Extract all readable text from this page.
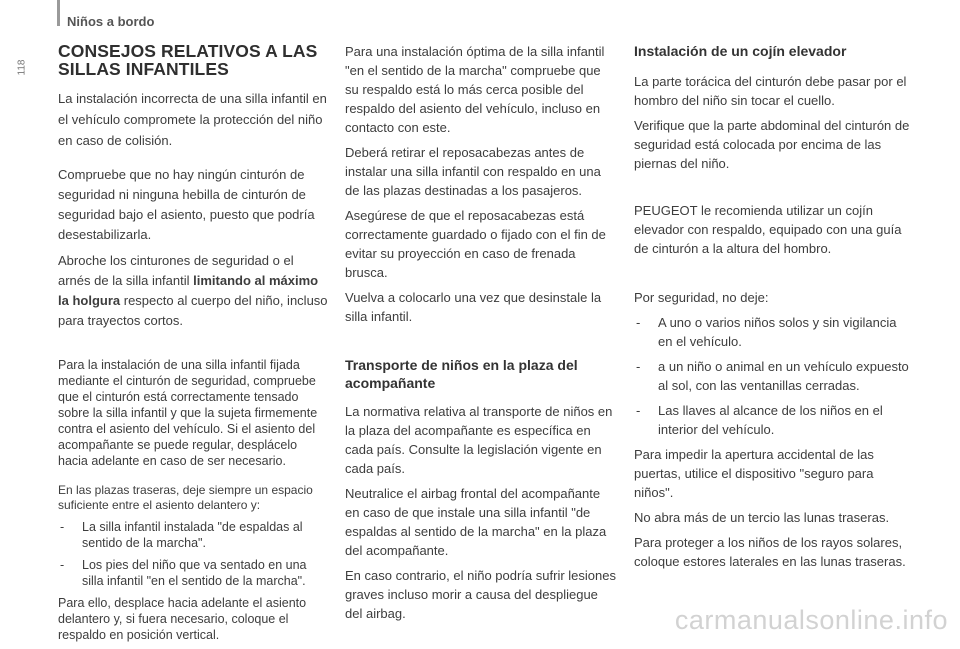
Niños a bordo
118
CONSEJOS RELATIVOS A LAS SILLAS INFANTILES

La instalación incorrecta de una silla infantil en el vehículo compromete la protección del niño en caso de colisión.

Compruebe que no hay ningún cinturón de seguridad ni ninguna hebilla de cinturón de seguridad bajo el asiento, puesto que podría desestabilizarla.

Abroche los cinturones de seguridad o el arnés de la silla infantil limitando al máximo la holgura respecto al cuerpo del niño, incluso para trayectos cortos.

Para la instalación de una silla infantil fijada mediante el cinturón de seguridad, compruebe que el cinturón está correctamente tensado sobre la silla infantil y que la sujeta firmemente contra el asiento del vehículo. Si el asiento del acompañante se puede regular, desplácelo hacia adelante en caso de ser necesario.

En las plazas traseras, deje siempre un espacio suficiente entre el asiento delantero y:

- La silla infantil instalada "de espaldas al sentido de la marcha".
- Los pies del niño que va sentado en una silla infantil "en el sentido de la marcha".

Para ello, desplace hacia adelante el asiento delantero y, si fuera necesario, coloque el respaldo en posición vertical.

Para una instalación óptima de la silla infantil "en el sentido de la marcha" compruebe que su respaldo está lo más cerca posible del respaldo del asiento del vehículo, incluso en contacto con este.

Deberá retirar el reposacabezas antes de instalar una silla infantil con respaldo en una de las plazas destinadas a los pasajeros.

Asegúrese de que el reposacabezas está correctamente guardado o fijado con el fin de evitar su proyección en caso de frenada brusca.

Vuelva a colocarlo una vez que desinstale la silla infantil.

Transporte de niños en la plaza del acompañante

La normativa relativa al transporte de niños en la plaza del acompañante es específica en cada país. Consulte la legislación vigente en cada país.

Neutralice el airbag frontal del acompañante en caso de que instale una silla infantil "de espaldas al sentido de la marcha" en la plaza del acompañante.

En caso contrario, el niño podría sufrir lesiones graves incluso morir a causa del despliegue del airbag.

Instalación de un cojín elevador

La parte torácica del cinturón debe pasar por el hombro del niño sin tocar el cuello.

Verifique que la parte abdominal del cinturón de seguridad está colocada por encima de las piernas del niño.

PEUGEOT le recomienda utilizar un cojín elevador con respaldo, equipado con una guía de cinturón a la altura del hombro.

Por seguridad, no deje:

- A uno o varios niños solos y sin vigilancia en el vehículo.
- a un niño o animal en un vehículo expuesto al sol, con las ventanillas cerradas.
- Las llaves al alcance de los niños en el interior del vehículo.

Para impedir la apertura accidental de las puertas, utilice el dispositivo "seguro para niños".

No abra más de un tercio las lunas traseras.

Para proteger a los niños de los rayos solares, coloque estores laterales en las lunas traseras.

carmanualsonline.info
